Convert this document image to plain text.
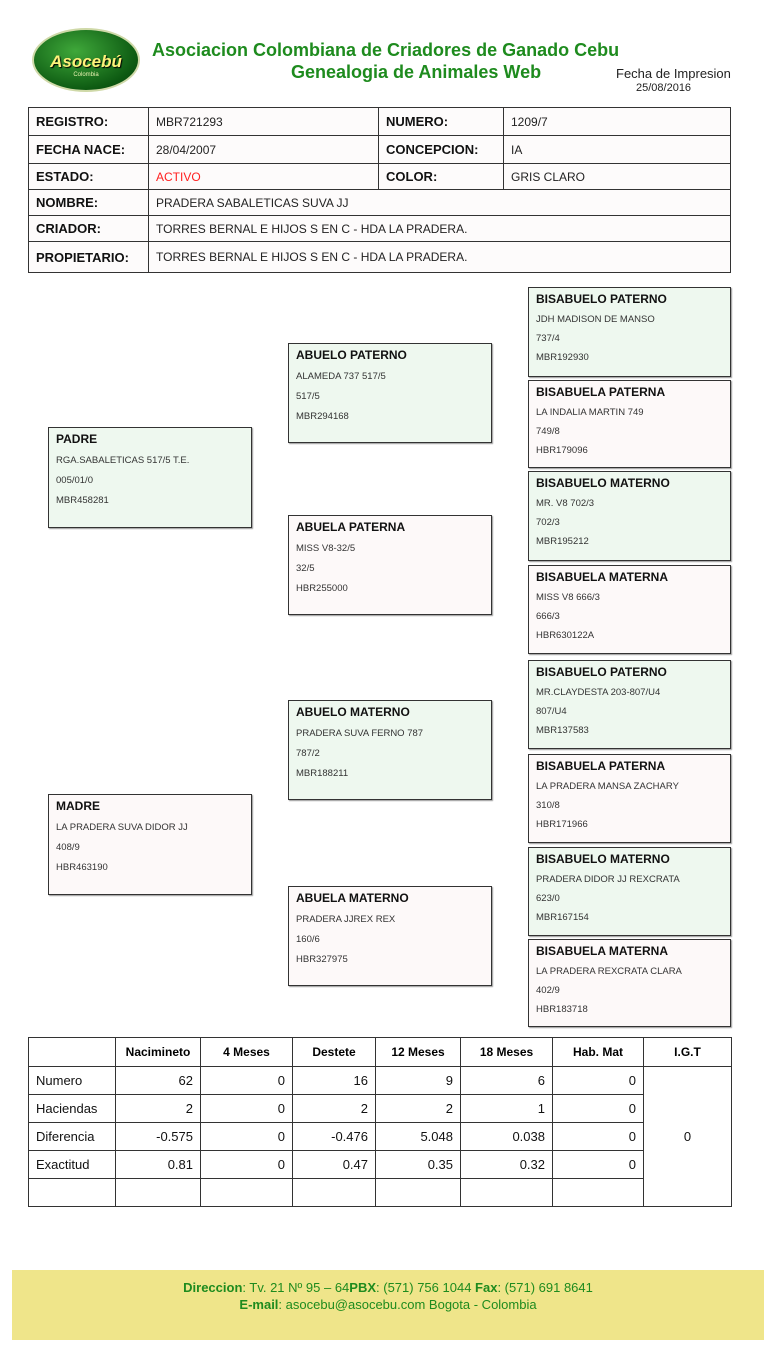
Asocebú
Colombia
Asociacion Colombiana de Criadores de Ganado Cebu
Genealogia de Animales Web	Fecha de Impresion
25/08/2016
REGISTRO:	MBR721293	NUMERO:	1209/7
FECHA NACE:	28/04/2007	CONCEPCION:	IA
ESTADO:	ACTIVO	COLOR:	GRIS CLARO
NOMBRE:	PRADERA SABALETICAS SUVA JJ		
CRIADOR:	TORRES BERNAL E HIJOS S EN C - HDA LA PRADERA.		
PROPIETARIO:	TORRES BERNAL E HIJOS S EN C - HDA LA PRADERA.		
PADRE
RGA.SABALETICAS 517/5 T.E.
005/01/0
MBR458281
MADRE
LA PRADERA SUVA DIDOR JJ
408/9
HBR463190
ABUELO PATERNO
ALAMEDA 737 517/5
517/5
MBR294168
ABUELA PATERNA
MISS V8-32/5
32/5
HBR255000
ABUELO MATERNO
PRADERA SUVA FERNO 787
787/2
MBR188211
ABUELA MATERNO
PRADERA JJREX REX
160/6
HBR327975
BISABUELO PATERNO
JDH MADISON DE MANSO
737/4
MBR192930
BISABUELA PATERNA
LA INDALIA MARTIN 749
749/8
HBR179096
BISABUELO MATERNO
MR. V8 702/3
702/3
MBR195212
BISABUELA MATERNA
MISS V8 666/3
666/3
HBR630122A
BISABUELO PATERNO
MR.CLAYDESTA 203-807/U4
807/U4
MBR137583
BISABUELA PATERNA
LA PRADERA MANSA ZACHARY
310/8
HBR171966
BISABUELO MATERNO
PRADERA DIDOR JJ REXCRATA
623/0
MBR167154
BISABUELA MATERNA
LA PRADERA REXCRATA CLARA
402/9
HBR183718
	Nacimineto	4 Meses	Destete	12 Meses	18 Meses	Hab. Mat	I.G.T
Numero	62	0	16	9	6	0	0
Haciendas	2	0	2	2	1	0	
Diferencia	-0.575	0	-0.476	5.048	0.038	0	
Exactitud	0.81	0	0.47	0.35	0.32	0	

Direccion: Tv. 21 Nº 95 – 64PBX: (571) 756 1044 Fax: (571) 691 8641
E-mail: asocebu@asocebu.com Bogota - Colombia
